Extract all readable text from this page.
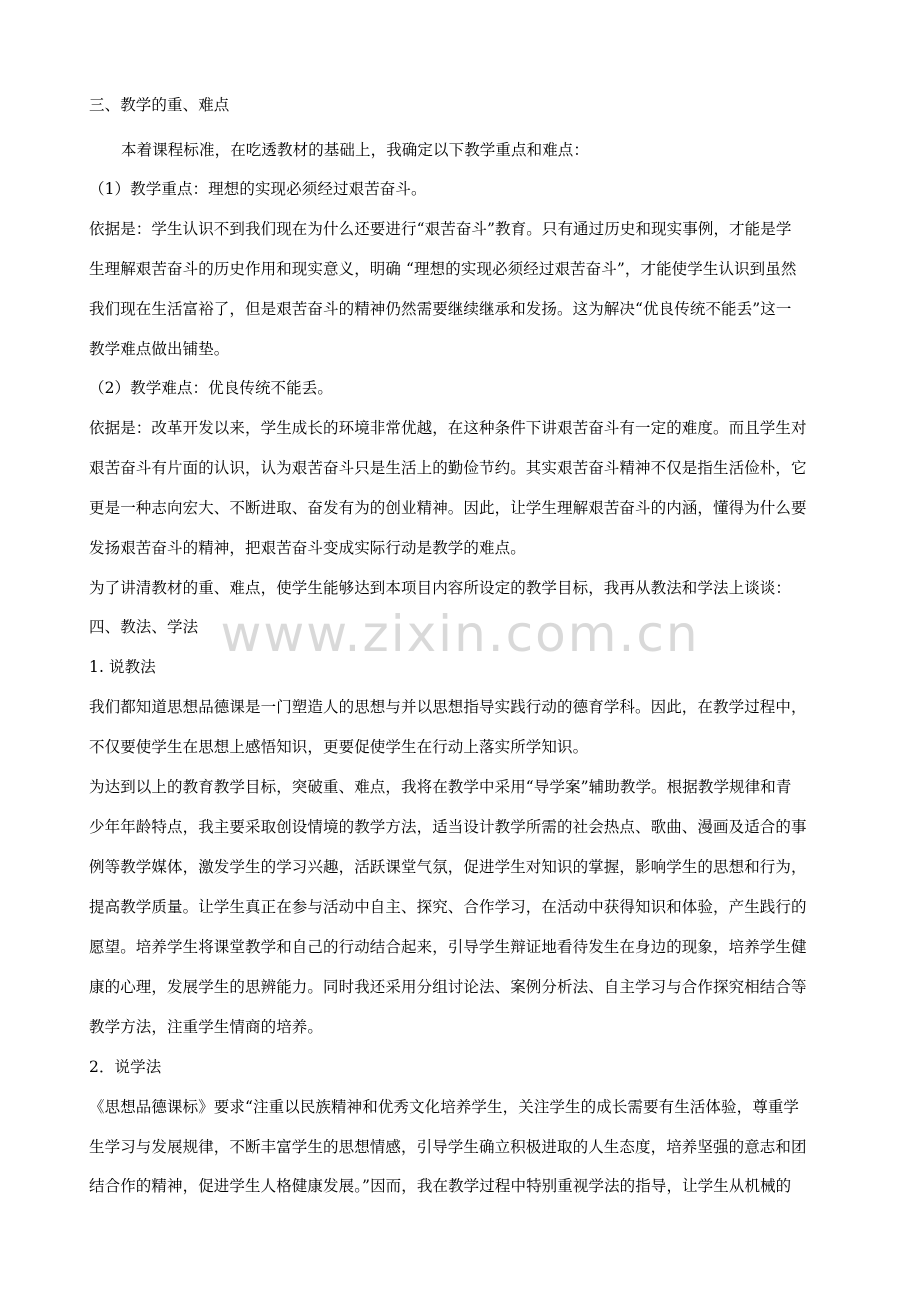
www.zixin.com.cn
三、教学的重、难点
本着课程标准，在吃透教材的基础上，我确定以下教学重点和难点：
（1）教学重点：理想的实现必须经过艰苦奋斗。
依据是：学生认识不到我们现在为什么还要进行“艰苦奋斗”教育。只有通过历史和现实事例，才能是学
生理解艰苦奋斗的历史作用和现实意义，明确 “理想的实现必须经过艰苦奋斗”，才能使学生认识到虽然
我们现在生活富裕了，但是艰苦奋斗的精神仍然需要继续继承和发扬。这为解决“优良传统不能丢”这一
教学难点做出铺垫。
（2）教学难点：优良传统不能丢。
依据是：改革开发以来，学生成长的环境非常优越，在这种条件下讲艰苦奋斗有一定的难度。而且学生对
艰苦奋斗有片面的认识，认为艰苦奋斗只是生活上的勤俭节约。其实艰苦奋斗精神不仅是指生活俭朴，它
更是一种志向宏大、不断进取、奋发有为的创业精神。因此，让学生理解艰苦奋斗的内涵，懂得为什么要
发扬艰苦奋斗的精神，把艰苦奋斗变成实际行动是教学的难点。
为了讲清教材的重、难点，使学生能够达到本项目内容所设定的教学目标，我再从教法和学法上谈谈：
四、教法、学法
1. 说教法
我们都知道思想品德课是一门塑造人的思想与并以思想指导实践行动的德育学科。因此，在教学过程中，
不仅要使学生在思想上感悟知识，更要促使学生在行动上落实所学知识。
为达到以上的教育教学目标，突破重、难点，我将在教学中采用“导学案”辅助教学。根据教学规律和青
少年年龄特点，我主要采取创设情境的教学方法，适当设计教学所需的社会热点、歌曲、漫画及适合的事
例等教学媒体，激发学生的学习兴趣，活跃课堂气氛，促进学生对知识的掌握，影响学生的思想和行为，
提高教学质量。让学生真正在参与活动中自主、探究、合作学习，在活动中获得知识和体验，产生践行的
愿望。培养学生将课堂教学和自己的行动结合起来，引导学生辩证地看待发生在身边的现象，培养学生健
康的心理，发展学生的思辨能力。同时我还采用分组讨论法、案例分析法、自主学习与合作探究相结合等
教学方法，注重学生情商的培养。
2．说学法
《思想品德课标》要求“注重以民族精神和优秀文化培养学生，关注学生的成长需要有生活体验，尊重学
生学习与发展规律，不断丰富学生的思想情感，引导学生确立积极进取的人生态度，培养坚强的意志和团
结合作的精神，促进学生人格健康发展。”因而，我在教学过程中特别重视学法的指导，让学生从机械的
